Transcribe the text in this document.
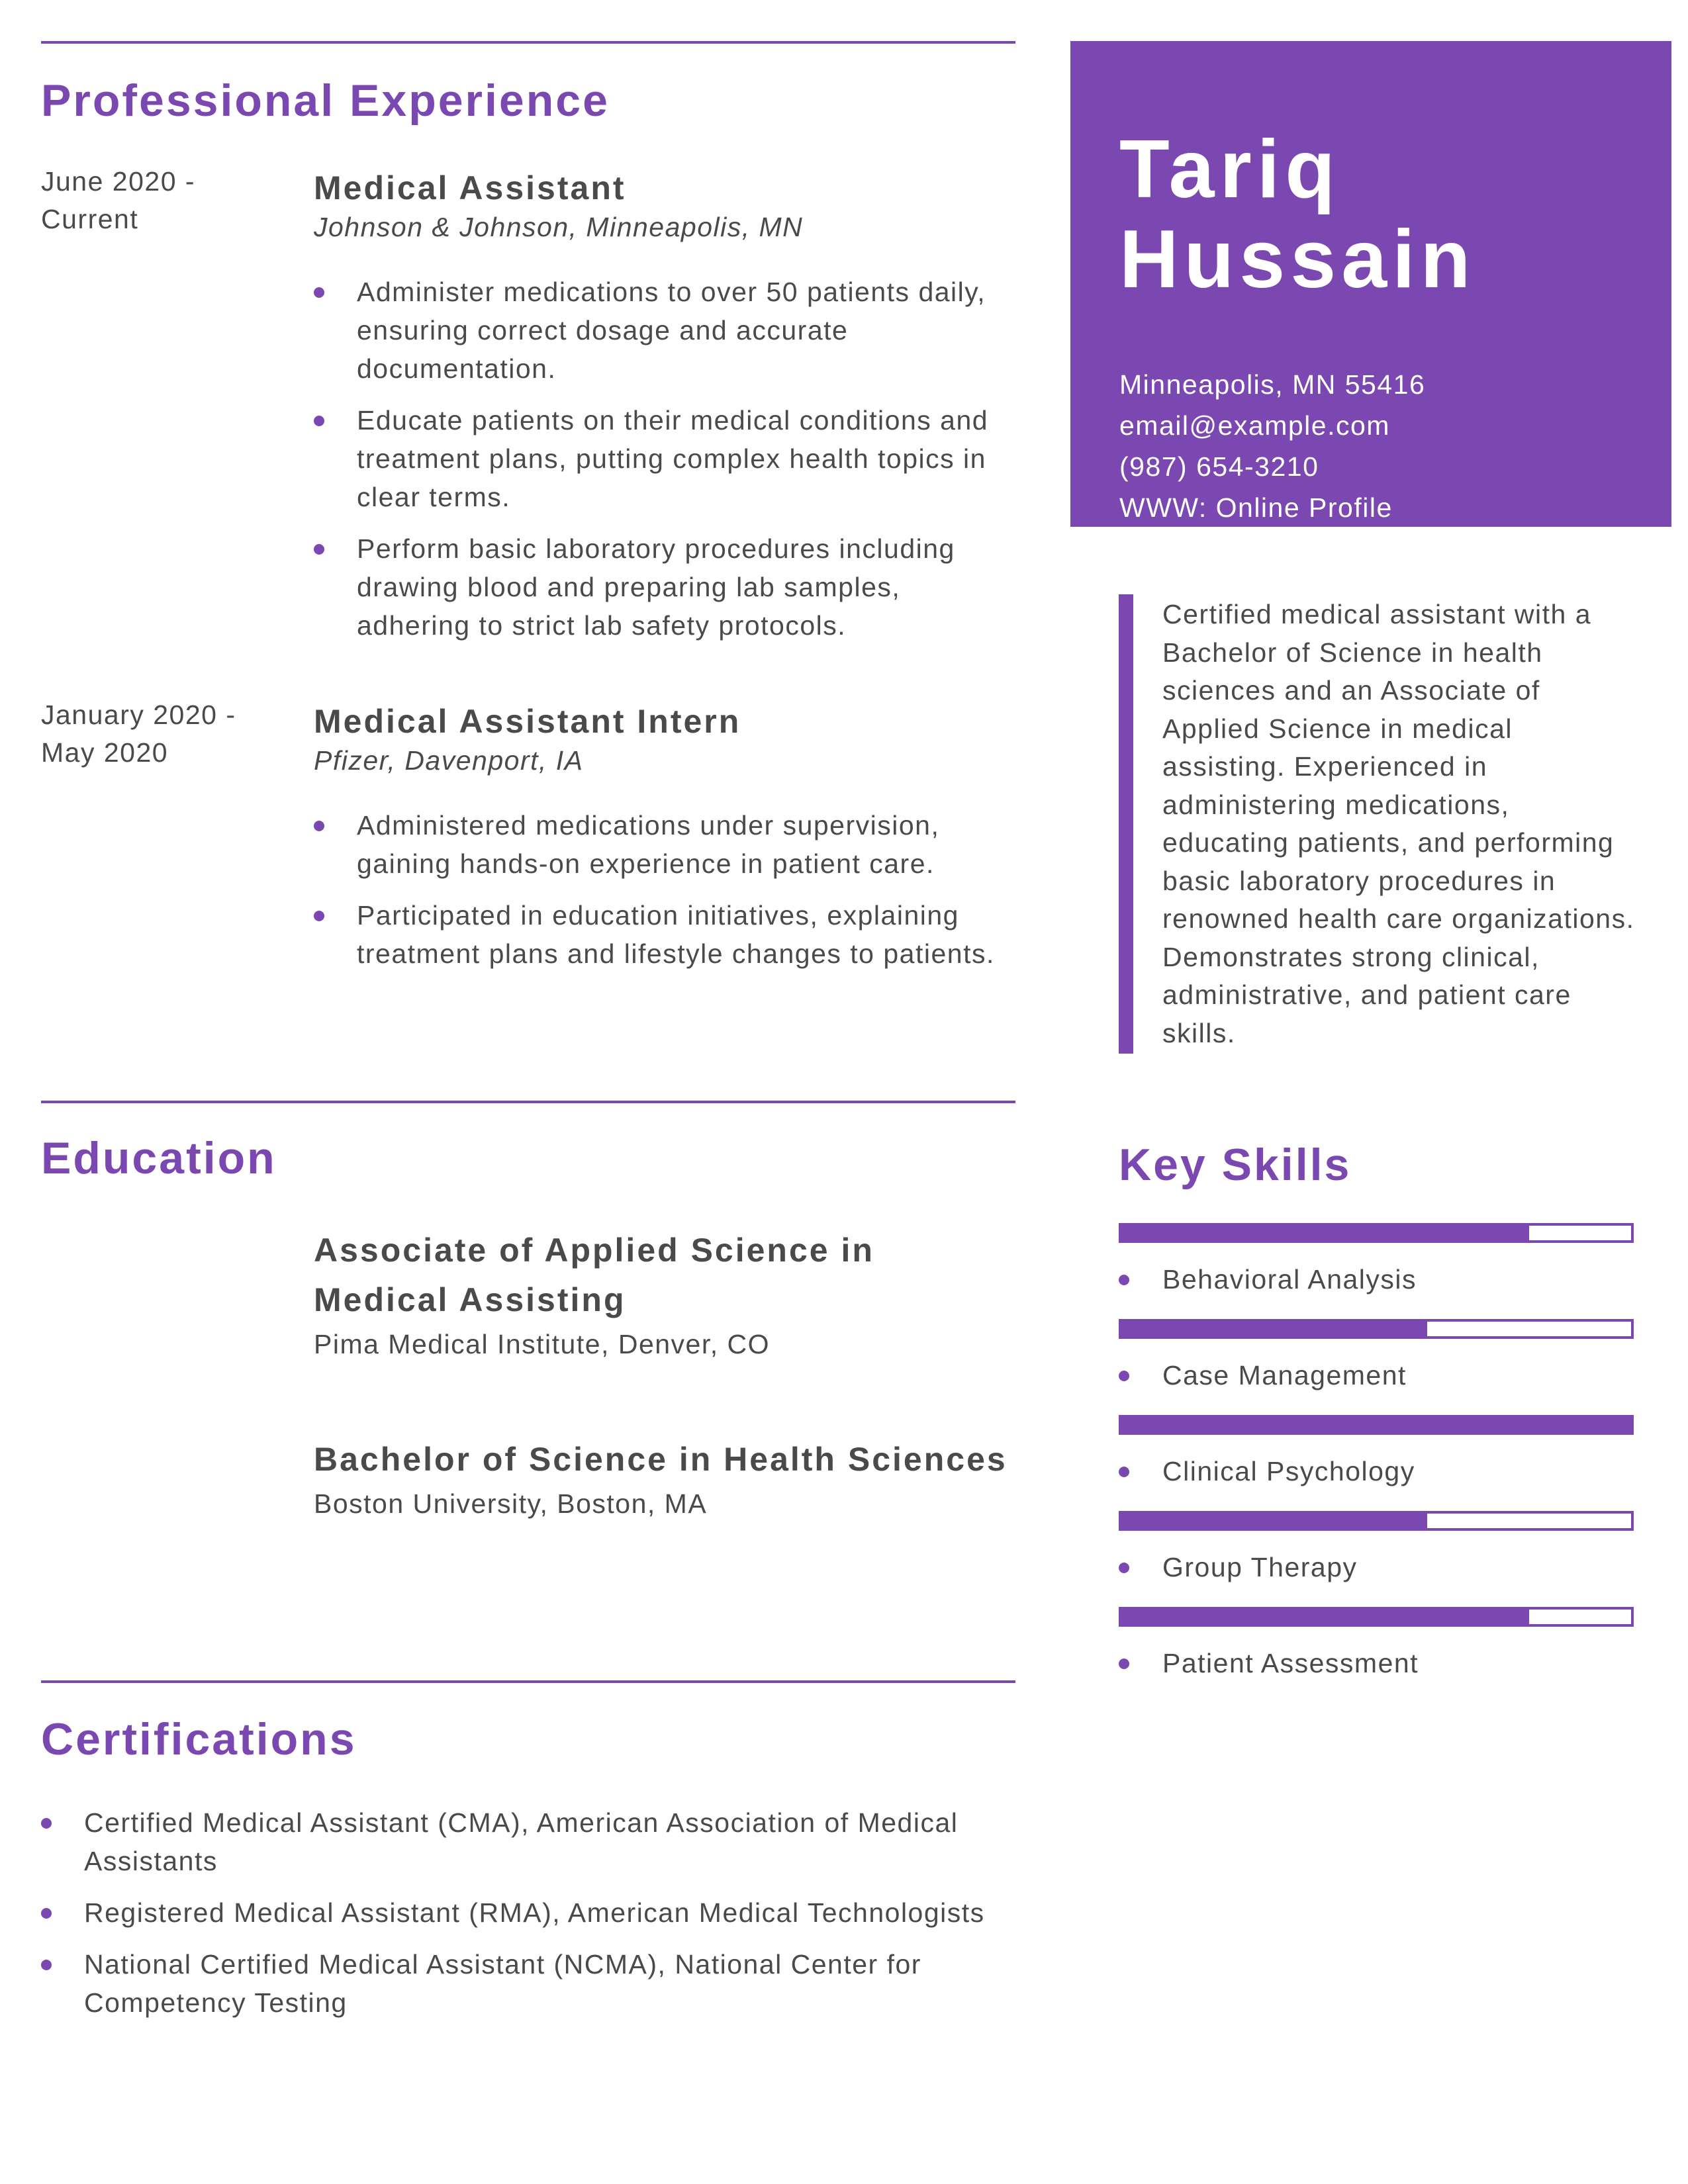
Professional Experience
June 2020 -
Current
Medical Assistant
Johnson & Johnson, Minneapolis, MN
Administer medications to over 50 patients daily, ensuring correct dosage and accurate documentation.
Educate patients on their medical conditions and treatment plans, putting complex health topics in clear terms.
Perform basic laboratory procedures including drawing blood and preparing lab samples, adhering to strict lab safety protocols.
January 2020 -
May 2020
Medical Assistant Intern
Pfizer, Davenport, IA
Administered medications under supervision, gaining hands-on experience in patient care.
Participated in education initiatives, explaining treatment plans and lifestyle changes to patients.
Education

Associate of Applied Science in Medical Assisting

Pima Medical Institute, Denver, CO

Bachelor of Science in Health Sciences

Boston University, Boston, MA

Certifications
Certified Medical Assistant (CMA), American Association of Medical Assistants
Registered Medical Assistant (RMA), American Medical Technologists
National Certified Medical Assistant (NCMA), National Center for Competency Testing
Tariq
Hussain
Minneapolis, MN 55416
email@example.com
(987) 654-3210
WWW: Online Profile

Certified medical assistant with a Bachelor of Science in health sciences and an Associate of Applied Science in medical assisting. Experienced in administering medications, educating patients, and performing basic laboratory procedures in renowned health care organizations. Demonstrates strong clinical, administrative, and patient care skills.

Key Skills
Behavioral Analysis
Case Management
Clinical Psychology
Group Therapy
Patient Assessment
